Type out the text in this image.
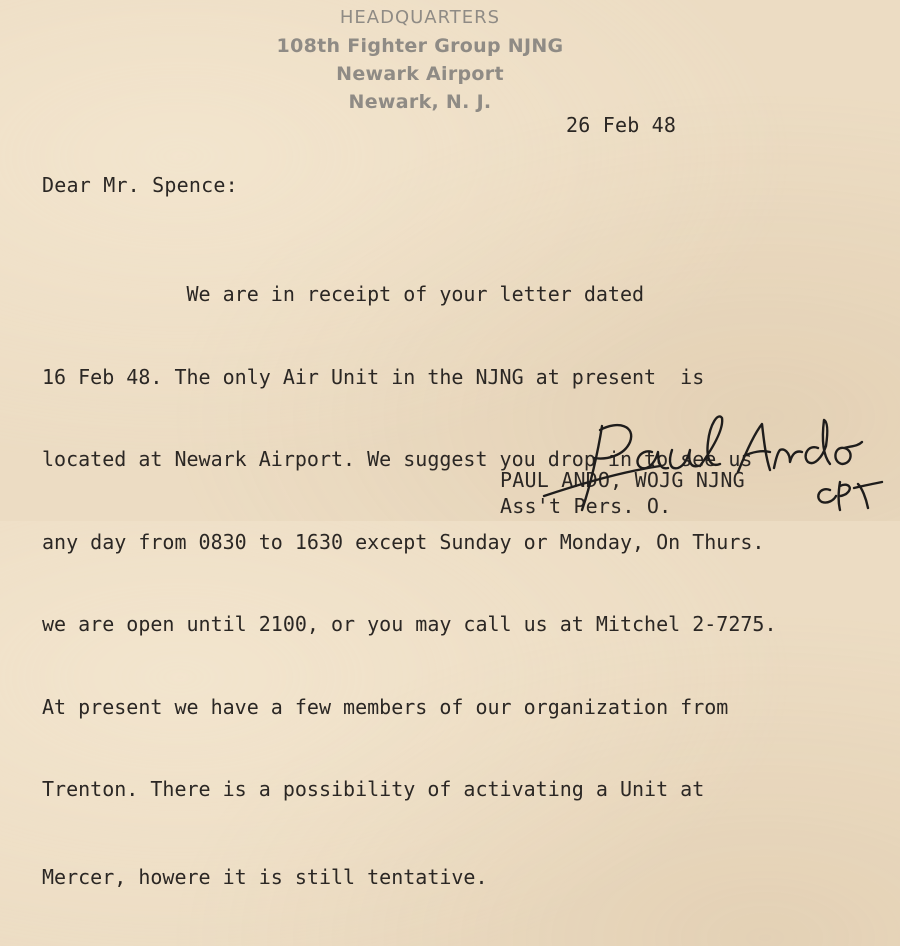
HEADQUARTERS
108th Fighter Group NJNG
Newark Airport
Newark, N. J.
26 Feb 48
Dear Mr. Spence:

We are in receipt of your letter dated

16 Feb 48. The only Air Unit in the NJNG at present  is

located at Newark Airport. We suggest you drop in to see us

any day from 0830 to 1630 except Sunday or Monday, On Thurs.

we are open until 2100, or you may call us at Mitchel 2-7275.

At present we have a few members of our organization from

Trenton. There is a possibility of activating a Unit at

Mercer, howere it is still tentative.

PAUL ANDO, WOJG NJNG
Ass't Pers. O.
